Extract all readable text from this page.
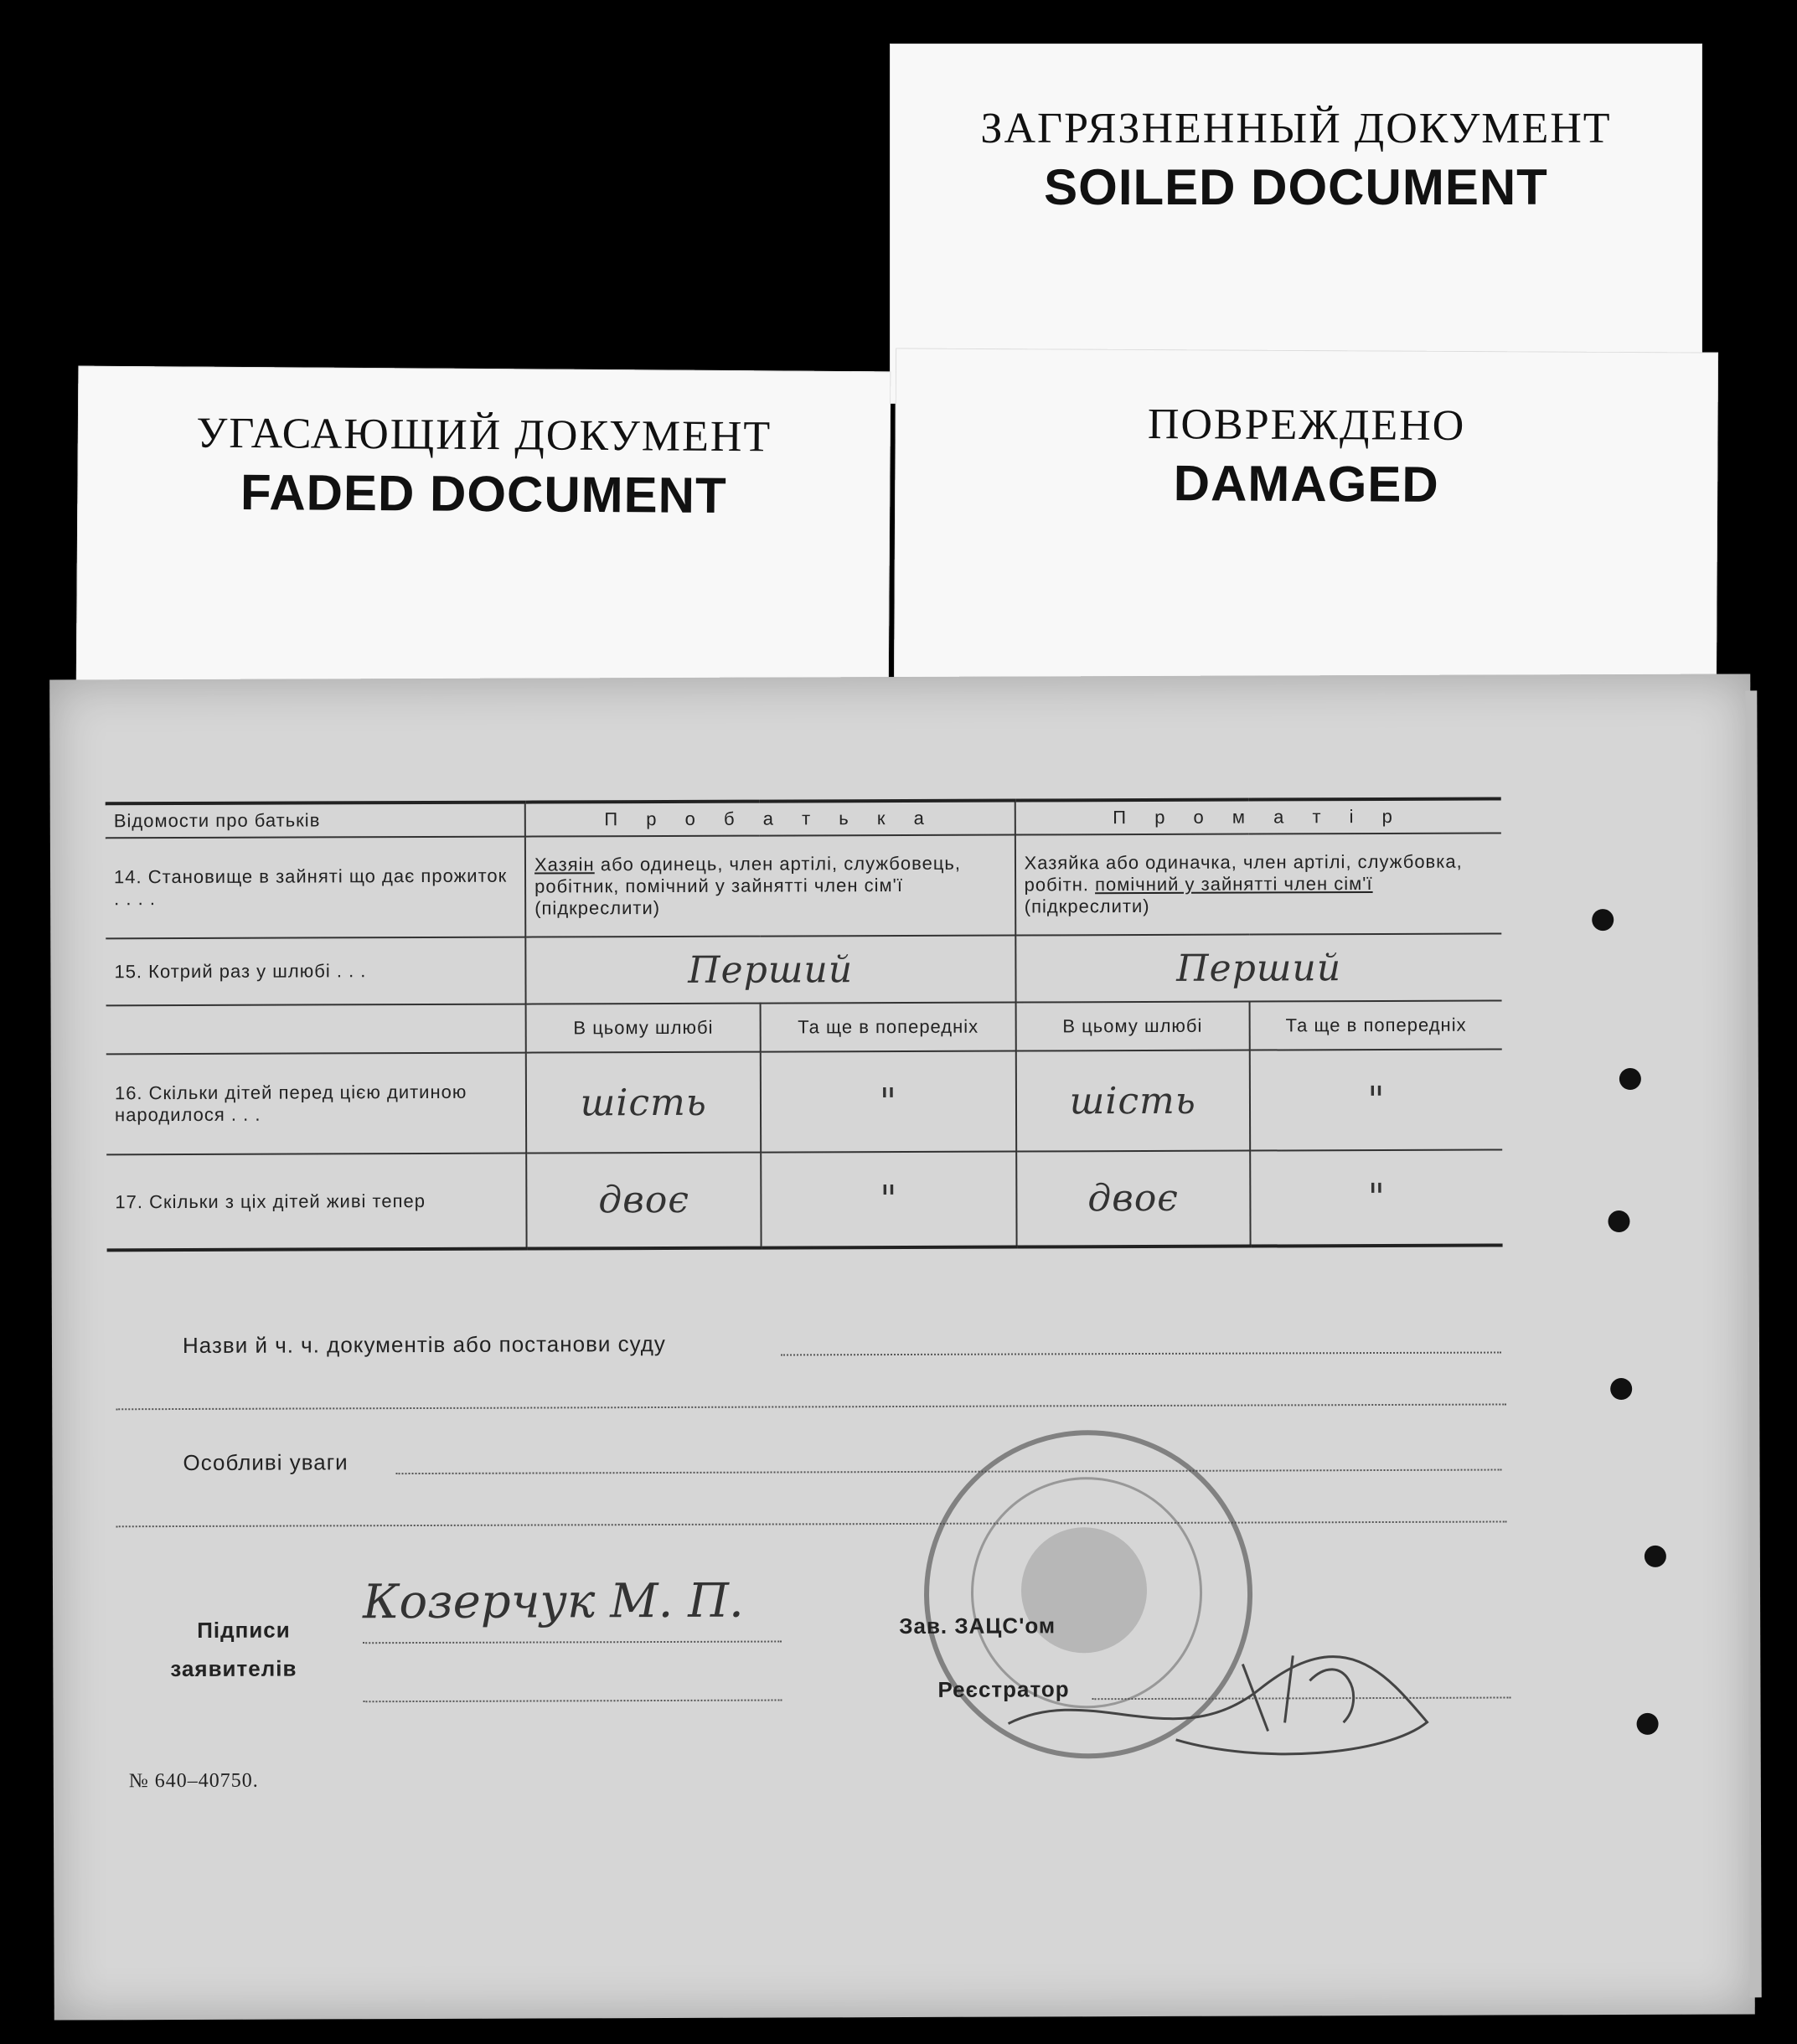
ЗАГРЯЗНЕННЫЙ ДОКУМЕНТ
SOILED DOCUMENT
УГАСАЮЩИЙ ДОКУМЕНТ
FADED DOCUMENT
ПОВРЕЖДЕНО
DAMAGED
Відомости про батьків	П р о б а т ь к а		П р о м а т і р	
14. Становище в зайняті що дає прожиток . . . .	Хазяін або одинець, член артілі, службовець, робітник, помічний у зайнятті член сім'ї (підкреслити)		Хазяйка або одиначка, член артілі, службовка, робітн. помічний у зайнятті член сім'ї (підкреслити)	
15. Котрий раз у шлюбі . . .	Перший		Перший	
	В цьому шлюбі	Та ще в попередніх	В цьому шлюбі	Та ще в попередніх
16. Скільки дітей перед цією дитиною народилося . . .	шість	"	шість	"
17. Скільки з ціх дітей живі тепер	двоє	"	двоє	"
Назви й ч. ч. документів або постанови суду
Особливі уваги
Підписи
заявителів
Козерчук М. П.	Зав. ЗАЦС'ом
Реєстратор
№ 640–40750.
